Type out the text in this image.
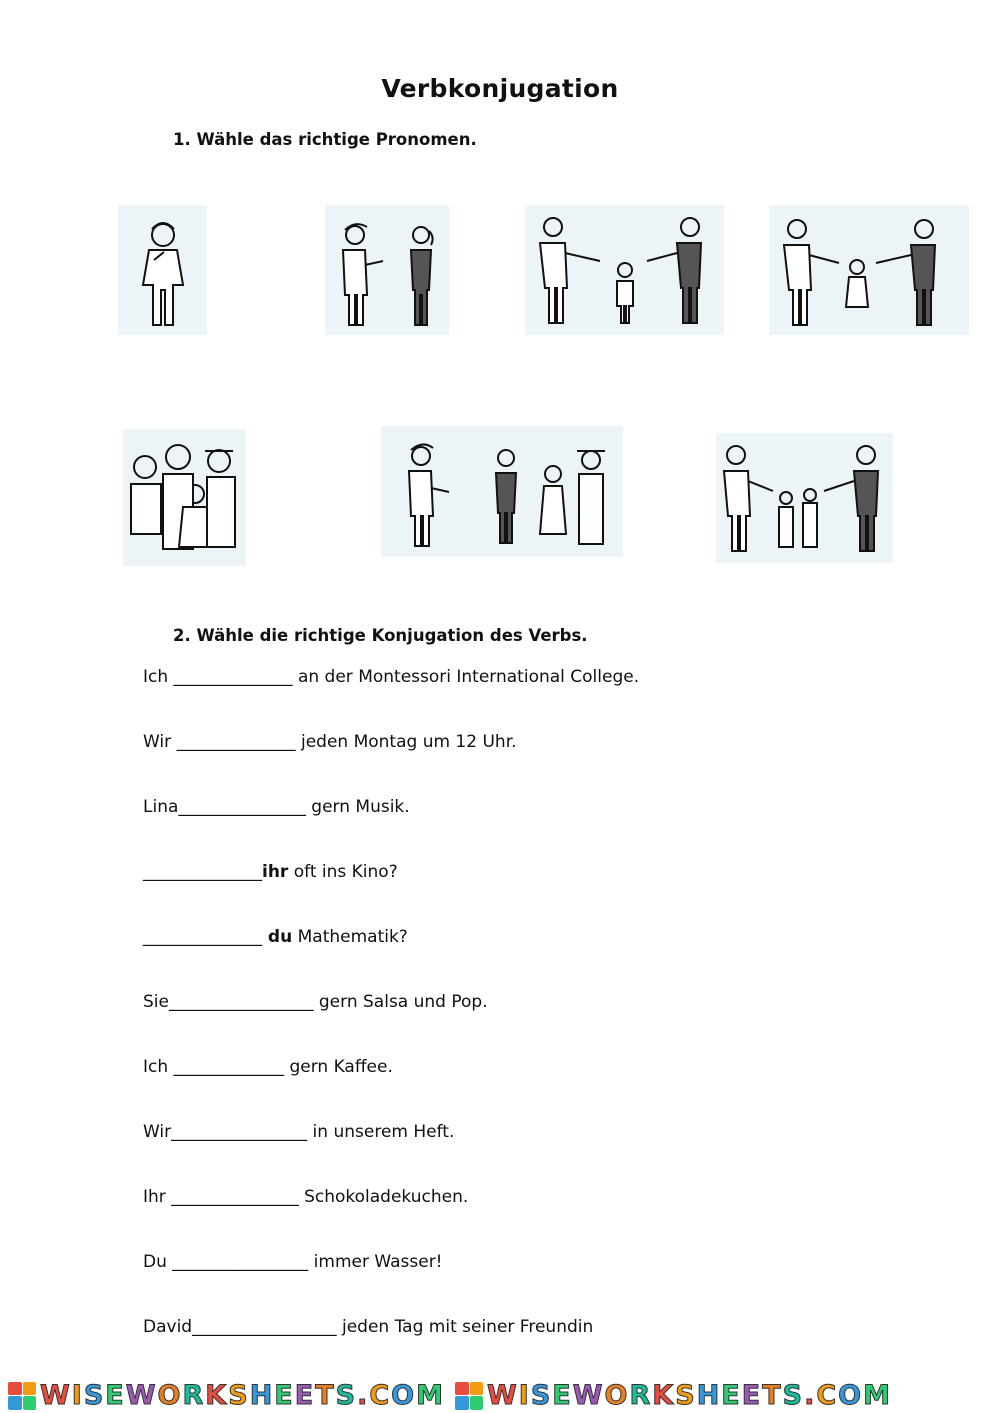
Verbkonjugation
1. Wähle das richtige Pronomen.
2. Wähle die richtige Konjugation des Verbs.
Ich ______________ an der Montessori International College.
Wir ______________ jeden Montag um 12 Uhr.
Lina_______________ gern Musik.
______________ihr oft ins Kino?
______________ du Mathematik?
Sie_________________ gern Salsa und Pop.
Ich _____________ gern Kaffee.
Wir________________ in unserem Heft.
Ihr _______________ Schokoladekuchen.
Du ________________ immer Wasser!
David_________________ jeden Tag mit seiner Freundin
WISEWORKSHEETS.COM WISEWORKSHEETS.COM
